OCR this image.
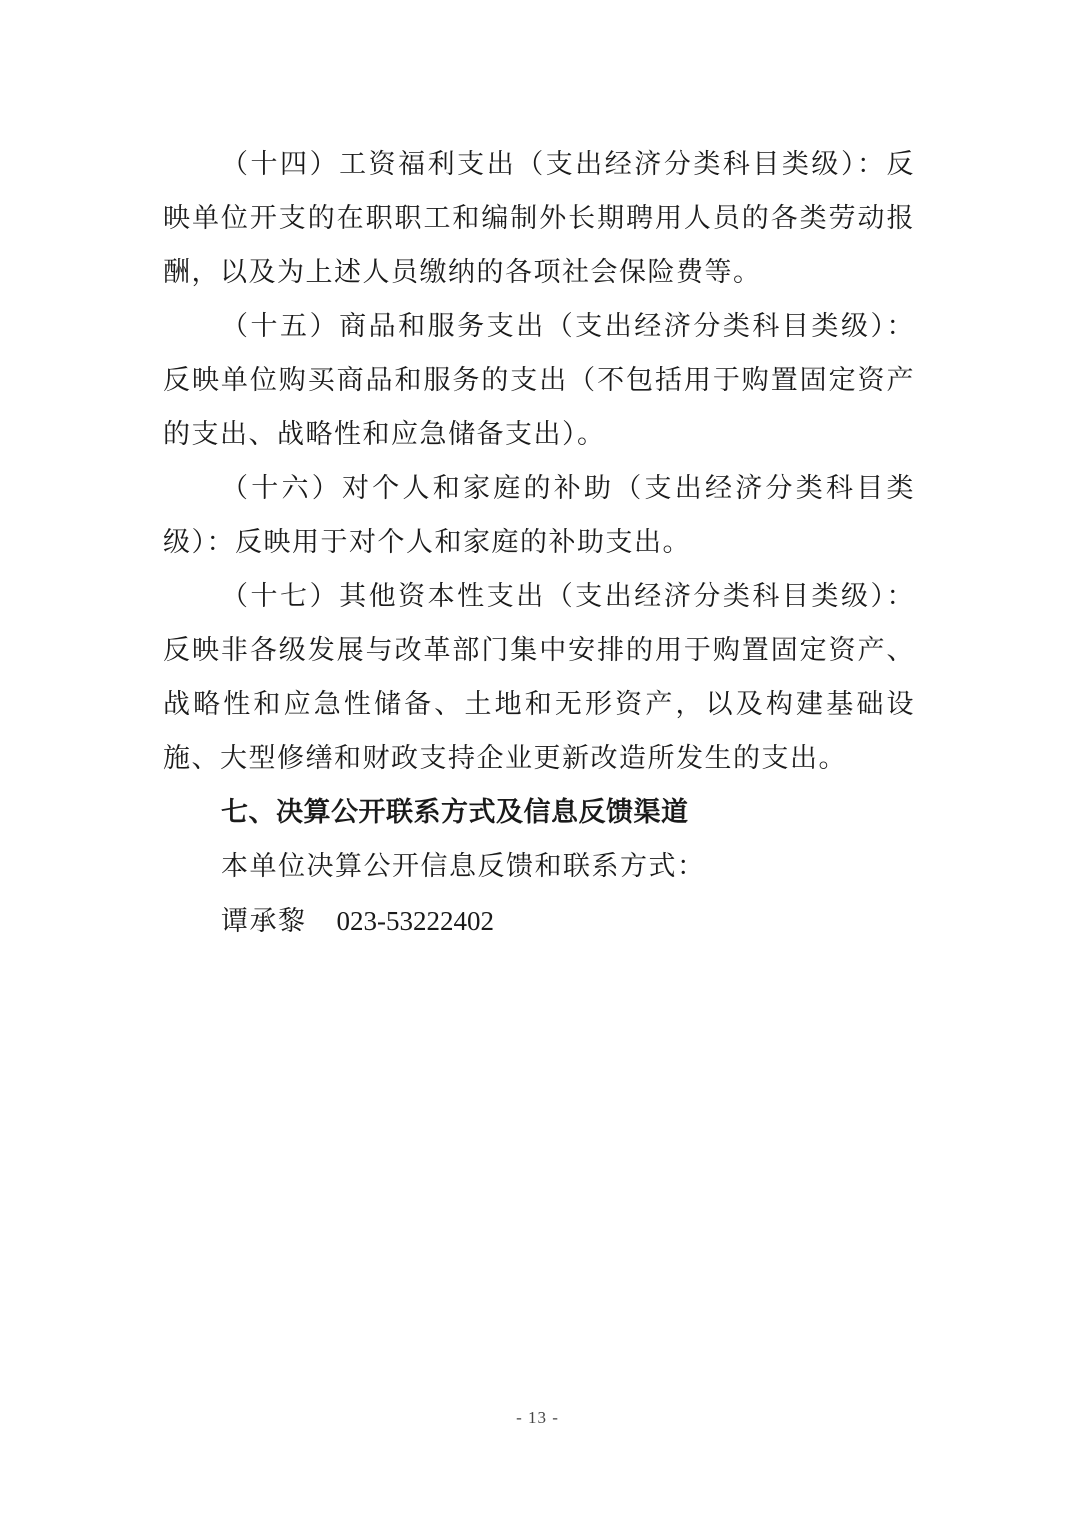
（十四）工资福利支出（支出经济分类科目类级）：反映单位开支的在职职工和编制外长期聘用人员的各类劳动报酬，以及为上述人员缴纳的各项社会保险费等。

（十五）商品和服务支出（支出经济分类科目类级）：反映单位购买商品和服务的支出（不包括用于购置固定资产的支出、战略性和应急储备支出）。

（十六）对个人和家庭的补助（支出经济分类科目类级）：反映用于对个人和家庭的补助支出。

（十七）其他资本性支出（支出经济分类科目类级）：反映非各级发展与改革部门集中安排的用于购置固定资产、战略性和应急性储备、土地和无形资产，以及构建基础设施、大型修缮和财政支持企业更新改造所发生的支出。

七、决算公开联系方式及信息反馈渠道

本单位决算公开信息反馈和联系方式：

谭承黎 023-53222402

- 13 -
